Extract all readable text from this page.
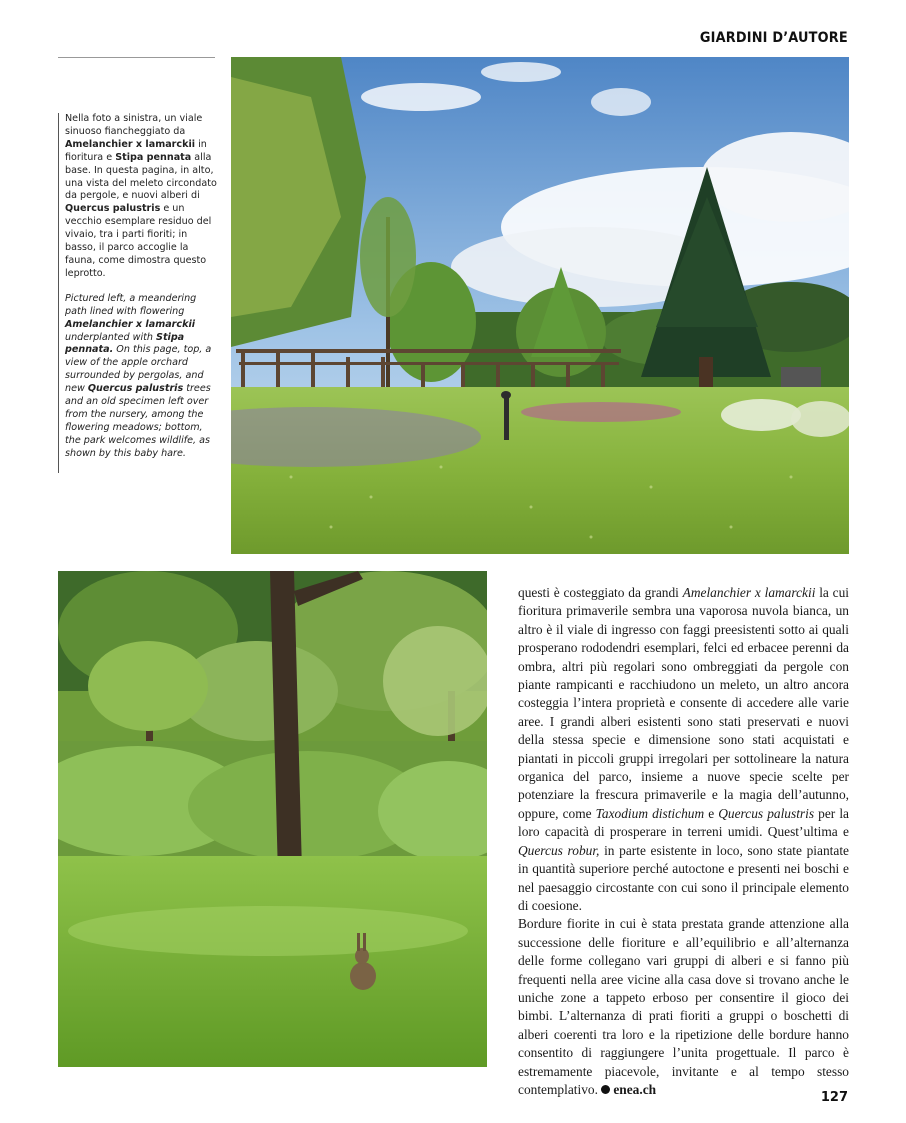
GIARDINI D’AUTORE

Nella foto a sinistra, un viale sinuoso fiancheggiato da Amelanchier x lamarckii in fioritura e Stipa pennata alla base. In questa pagina, in alto, una vista del meleto circondato da pergole, e nuovi alberi di Quercus palustris e un vecchio esemplare residuo del vivaio, tra i parti fioriti; in basso, il parco accoglie la fauna, come dimostra questo leprotto.

Pictured left, a meandering path lined with flowering Amelanchier x lamarckii underplanted with Stipa pennata. On this page, top, a view of the apple orchard surrounded by pergolas, and new Quercus palustris trees and an old specimen left over from the nursery, among the flowering meadows; bottom, the park welcomes wildlife, as shown by this baby hare.

questi è costeggiato da grandi Amelanchier x lamarckii la cui fioritura primaverile sembra una vaporosa nuvola bianca, un altro è il viale di ingresso con faggi preesistenti sotto ai quali prosperano rododendri esemplari, felci ed erbacee perenni da ombra, altri più regolari sono ombreggiati da pergole con piante rampicanti e racchiudono un meleto, un altro ancora costeggia l’intera proprietà e consente di accedere alle varie aree. I grandi alberi esistenti sono stati preservati e nuovi della stessa specie e dimensione sono stati acquistati e piantati in piccoli gruppi irregolari per sottolineare la natura organica del parco, insieme a nuove specie scelte per potenziare la frescura primaverile e la magia dell’autunno, oppure, come Taxodium distichum e Quercus palustris per la loro capacità di prosperare in terreni umidi. Quest’ultima e Quercus robur, in parte esistente in loco, sono state piantate in quantità superiore perché autoctone e presenti nei boschi e nel paesaggio circostante con cui sono il principale elemento di coesione.

Bordure fiorite in cui è stata prestata grande attenzione alla successione delle fioriture e all’equilibrio e all’alternanza delle forme collegano vari gruppi di alberi e si fanno più frequenti nella aree vicine alla casa dove si trovano anche le uniche zone a tappeto erboso per consentire il gioco dei bimbi. L’alternanza di prati fioriti a gruppi o boschetti di alberi coerenti tra loro e la ripetizione delle bordure hanno consentito di raggiungere l’unita progettuale. Il parco è estremamente piacevole, invitante e al tempo stesso contemplativo. enea.ch

127
